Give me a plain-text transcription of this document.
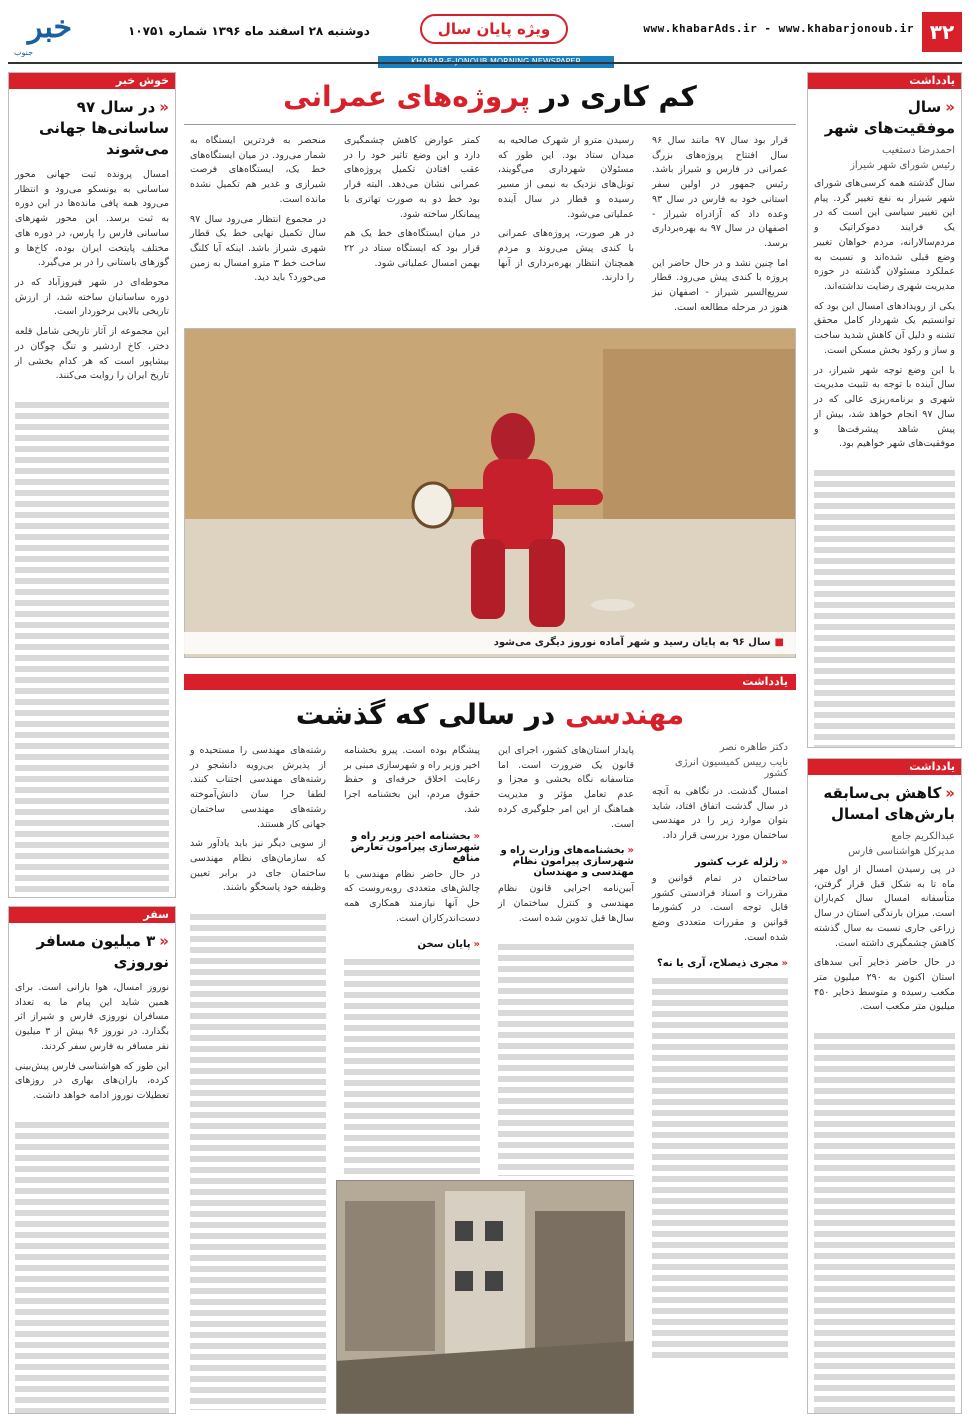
۳۲
www.khabarAds.ir - www.khabarjonoub.ir
ویژه پایان سال
دوشنبه ۲۸ اسفند ماه ۱۳۹۶ شماره ۱۰۷۵۱
خبر
جنوب
یادداشت
«سال موفقیت‌های شهر
احمدرضا دستغیب
رئیس شورای شهر شیراز

سال گذشته همه کرسی‌های شورای شهر شیراز به نفع تغییر گرد. پیام این تغییر سیاسی این است که در یک فرایند دموکراتیک و مردم‌سالارانه، مردم خواهان تغییر وضع قبلی شده‌اند و نسبت به عملکرد مسئولان گذشته در حوزه مدیریت شهری رضایت نداشته‌اند.

یکی از رویدادهای امسال این بود که توانستیم یک شهردار کامل محقق تشنه و دلیل آن کاهش شدید ساخت و ساز و رکود بخش مسکن است.

با این وضع توجه شهر شیراز، در سال آینده با توجه به تثبیت مدیریت شهری و برنامه‌ریزی عالی که در سال ۹۷ انجام خواهد شد، بیش از پیش شاهد پیشرفت‌ها و موفقیت‌های شهر خواهیم بود.

یادداشت
«کاهش بی‌سابقه بارش‌های امسال
عبدالکریم جامع
مدیرکل هواشناسی فارس

در پی رسیدن امسال از اول مهر ماه تا به شکل قبل قرار گرفتن، متأسفانه امسال سال کم‌باران است. میزان بارندگی استان در سال زراعی جاری نسبت به سال گذشته کاهش چشمگیری داشته است.

در حال حاضر ذخایر آبی سدهای استان اکنون به ۲۹۰ میلیون متر مکعب رسیده و متوسط ذخایر ۴۵۰ میلیون متر مکعب است.

کم کاری در پروژه‌های عمرانی

قرار بود سال ۹۷ مانند سال ۹۶ سال افتتاح پروژه‌های بزرگ عمرانی در فارس و شیراز باشد. رئیس جمهور در اولین سفر استانی خود به فارس در سال ۹۳ وعده داد که آزادراه شیراز - اصفهان در سال ۹۷ به بهره‌برداری برسد.

اما چنین نشد و در حال حاضر این پروژه با کندی پیش می‌رود. قطار سریع‌السیر شیراز - اصفهان نیز هنوز در مرحله مطالعه است.

رسیدن مترو از شهرک صالحیه به میدان ستاد بود. این طور که مسئولان شهرداری می‌گویند، تونل‌های نزدیک به نیمی از مسیر رسیده و قطار در سال آینده عملیاتی می‌شود.

در هر صورت، پروژه‌های عمرانی با کندی پیش می‌روند و مردم همچنان انتظار بهره‌برداری از آنها را دارند.

کمتر عوارض کاهش چشمگیری دارد و این وضع تاثیر خود را در عقب افتادن تکمیل پروژه‌های عمرانی نشان می‌دهد. البته قرار بود خط دو به صورت تهاتری با پیمانکار ساخته شود.

در میان ایستگاه‌های خط یک هم قرار بود که ایستگاه ستاد در ۲۲ بهمن امسال عملیاتی شود.

منحصر به فردترین ایستگاه به شمار می‌رود. در میان ایستگاه‌های خط یک، ایستگاه‌های فرصت شیرازی و غدیر هم تکمیل نشده مانده است.

در مجموع انتظار می‌رود سال ۹۷ سال تکمیل نهایی خط یک قطار شهری شیراز باشد. اینکه آیا کلنگ ساخت خط ۳ مترو امسال به زمین می‌خورد؟ باید دید.

■سال ۹۶ به پایان رسید و شهر آماده نوروز دیگری می‌شود
یادداشت
مهندسی در سالی که گذشت
دکتر طاهره نصر
نایب رییس کمیسیون انرژی کشور

امسال گذشت. در نگاهی به آنچه در سال گذشت اتفاق افتاد، شاید بتوان موارد زیر را در مهندسی ساختمان مورد بررسی قرار داد.

«زلزله غرب کشور

ساختمان در تمام قوانین و مقررات و اسناد فرادستی کشور قابل توجه است. در کشورما قوانین و مقررات متعددی وضع شده است.

«مجری ذیصلاح، آری یا نه؟

پایدار استان‌های کشور، اجرای این قانون یک ضرورت است. اما متاسفانه نگاه بخشی و مجزا و عدم تعامل مؤثر و مدیریت هماهنگ از این امر جلوگیری کرده است.

«بخشنامه‌های وزارت راه و شهرسازی پیرامون نظام مهندسی و مهندسان

آیین‌نامه اجرایی قانون نظام مهندسی و کنترل ساختمان از سال‌ها قبل تدوین شده است.

پیشگام بوده است. پیرو بخشنامه اخیر وزیر راه و شهرسازی مبنی بر رعایت اخلاق حرفه‌ای و حفظ حقوق مردم، این بخشنامه اجرا شد.

«بخشنامه اخیر وزیر راه و شهرسازی پیرامون تعارض منافع

در حال حاضر نظام مهندسی با چالش‌های متعددی روبه‌روست که حل آنها نیازمند همکاری همه دست‌اندرکاران است.

«پایان سخن

رشته‌های مهندسی را مستحیده و از پذیرش بی‌رویه دانشجو در رشته‌های مهندسی اجتناب کنند. لطفا حرا سان دانش‌آموخته رشته‌های مهندسی ساختمان جهانی کار هستند.

از سویی دیگر نیز باید یادآور شد که سازمان‌های نظام مهندسی ساختمان جای در برابر تعیین وظیفه خود پاسخگو باشند.

خوش خبر
«در سال ۹۷ ساسانی‌ها جهانی می‌شوند

امسال پرونده ثبت جهانی محور ساسانی به یونسکو می‌رود و انتظار می‌رود همه پافی مانده‌ها در این دوره به ثبت برسد. این محور شهرهای ساسانی فارس را پارس، در دوره های مختلف پایتخت ایران بوده، کاخ‌ها و گورهای باستانی را در بر می‌گیرد.

محوطه‌ای در شهر فیروزآباد که در دوره ساسانیان ساخته شد، از ارزش تاریخی بالایی برخوردار است.

این مجموعه از آثار تاریخی شامل قلعه دختر، کاخ اردشیر و تنگ چوگان در بیشاپور است که هر کدام بخشی از تاریخ ایران را روایت می‌کنند.

سفر
«۳ میلیون مسافر نوروزی

نوروز امسال، هوا بارانی است. برای همین شاید این پیام ما به تعداد مسافران نوروزی فارس و شیراز اثر بگذارد. در نوروز ۹۶ بیش از ۳ میلیون نفر مسافر به فارس سفر کردند.

این طور که هواشناسی فارس پیش‌بینی کرده، باران‌های بهاری در روزهای تعطیلات نوروز ادامه خواهد داشت.
